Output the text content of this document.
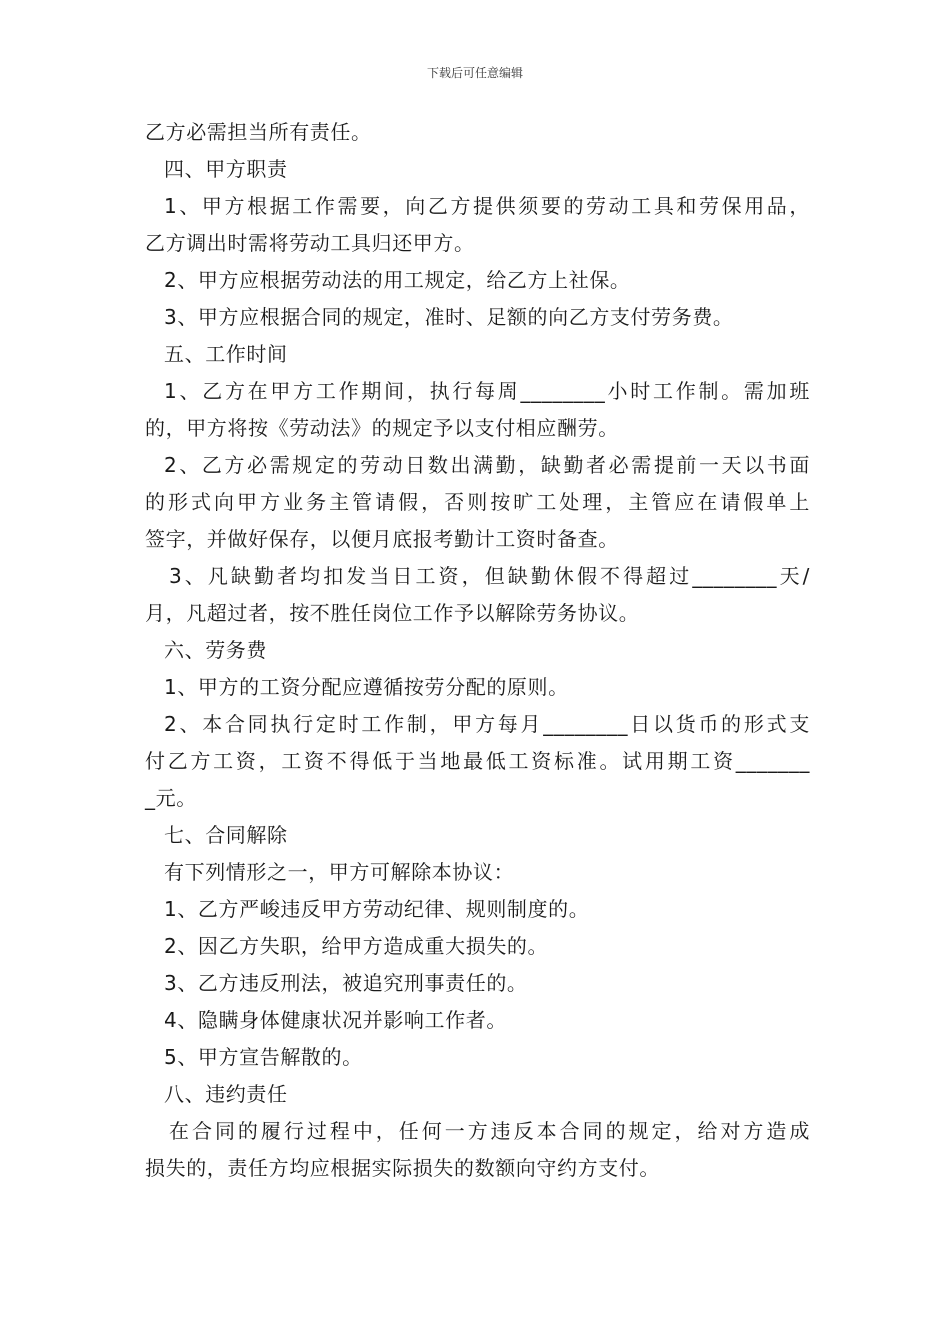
下载后可任意编辑
乙方必需担当所有责任。
四、甲方职责
1、甲方根据工作需要，向乙方提供须要的劳动工具和劳保用品，
乙方调出时需将劳动工具归还甲方。
2、甲方应根据劳动法的用工规定，给乙方上社保。
3、甲方应根据合同的规定，准时、足额的向乙方支付劳务费。
五、工作时间
1、乙方在甲方工作期间，执行每周________小时工作制。需加班
的，甲方将按《劳动法》的规定予以支付相应酬劳。
2、乙方必需规定的劳动日数出满勤，缺勤者必需提前一天以书面
的形式向甲方业务主管请假，否则按旷工处理，主管应在请假单上
签字，并做好保存，以便月底报考勤计工资时备查。
3、凡缺勤者均扣发当日工资，但缺勤休假不得超过________天/
月，凡超过者，按不胜任岗位工作予以解除劳务协议。
六、劳务费
1、甲方的工资分配应遵循按劳分配的原则。
2、本合同执行定时工作制，甲方每月________日以货币的形式支
付乙方工资，工资不得低于当地最低工资标准。试用期工资_______
_元。
七、合同解除
有下列情形之一，甲方可解除本协议：
1、乙方严峻违反甲方劳动纪律、规则制度的。
2、因乙方失职，给甲方造成重大损失的。
3、乙方违反刑法，被追究刑事责任的。
4、隐瞒身体健康状况并影响工作者。
5、甲方宣告解散的。
八、违约责任
在合同的履行过程中，任何一方违反本合同的规定，给对方造成
损失的，责任方均应根据实际损失的数额向守约方支付。
